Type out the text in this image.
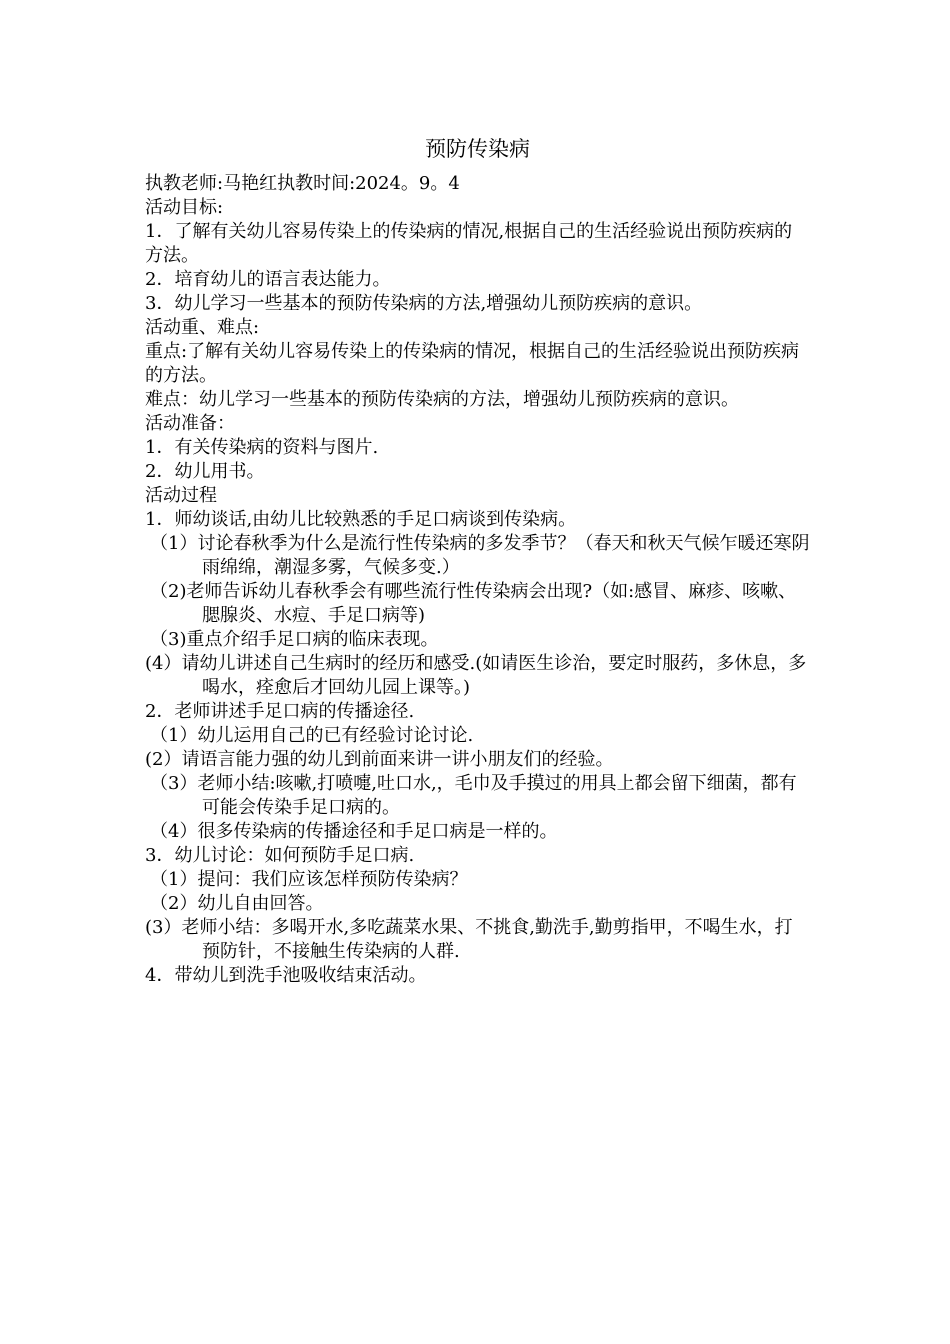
预防传染病

执教老师:马艳红执教时间:2024。9。4

活动目标:

1．了解有关幼儿容易传染上的传染病的情况,根据自己的生活经验说出预防疾病的方法。

2．培育幼儿的语言表达能力。

3．幼儿学习一些基本的预防传染病的方法,增强幼儿预防疾病的意识。

活动重、难点:

重点:了解有关幼儿容易传染上的传染病的情况，根据自己的生活经验说出预防疾病的方法。

难点：幼儿学习一些基本的预防传染病的方法，增强幼儿预防疾病的意识。

活动准备：

1．有关传染病的资料与图片.

2．幼儿用书。

活动过程

1．师幼谈话,由幼儿比较熟悉的手足口病谈到传染病。

（1）讨论春秋季为什么是流行性传染病的多发季节？（春天和秋天气候乍暖还寒阴雨绵绵，潮湿多雾，气候多变.）

（2)老师告诉幼儿春秋季会有哪些流行性传染病会出现?（如:感冒、麻疹、咳嗽、腮腺炎、水痘、手足口病等)

（3)重点介绍手足口病的临床表现。

(4）请幼儿讲述自己生病时的经历和感受.(如请医生诊治，要定时服药，多休息，多喝水，痊愈后才回幼儿园上课等。)

2．老师讲述手足口病的传播途径.

（1）幼儿运用自己的已有经验讨论讨论.

(2）请语言能力强的幼儿到前面来讲一讲小朋友们的经验。

（3）老师小结:咳嗽,打喷嚏,吐口水,，毛巾及手摸过的用具上都会留下细菌，都有可能会传染手足口病的。

（4）很多传染病的传播途径和手足口病是一样的。

3．幼儿讨论：如何预防手足口病.

（1）提问：我们应该怎样预防传染病？

（2）幼儿自由回答。

(3）老师小结：多喝开水,多吃蔬菜水果、不挑食,勤洗手,勤剪指甲，不喝生水，打预防针，不接触生传染病的人群.

4．带幼儿到洗手池吸收结束活动。
